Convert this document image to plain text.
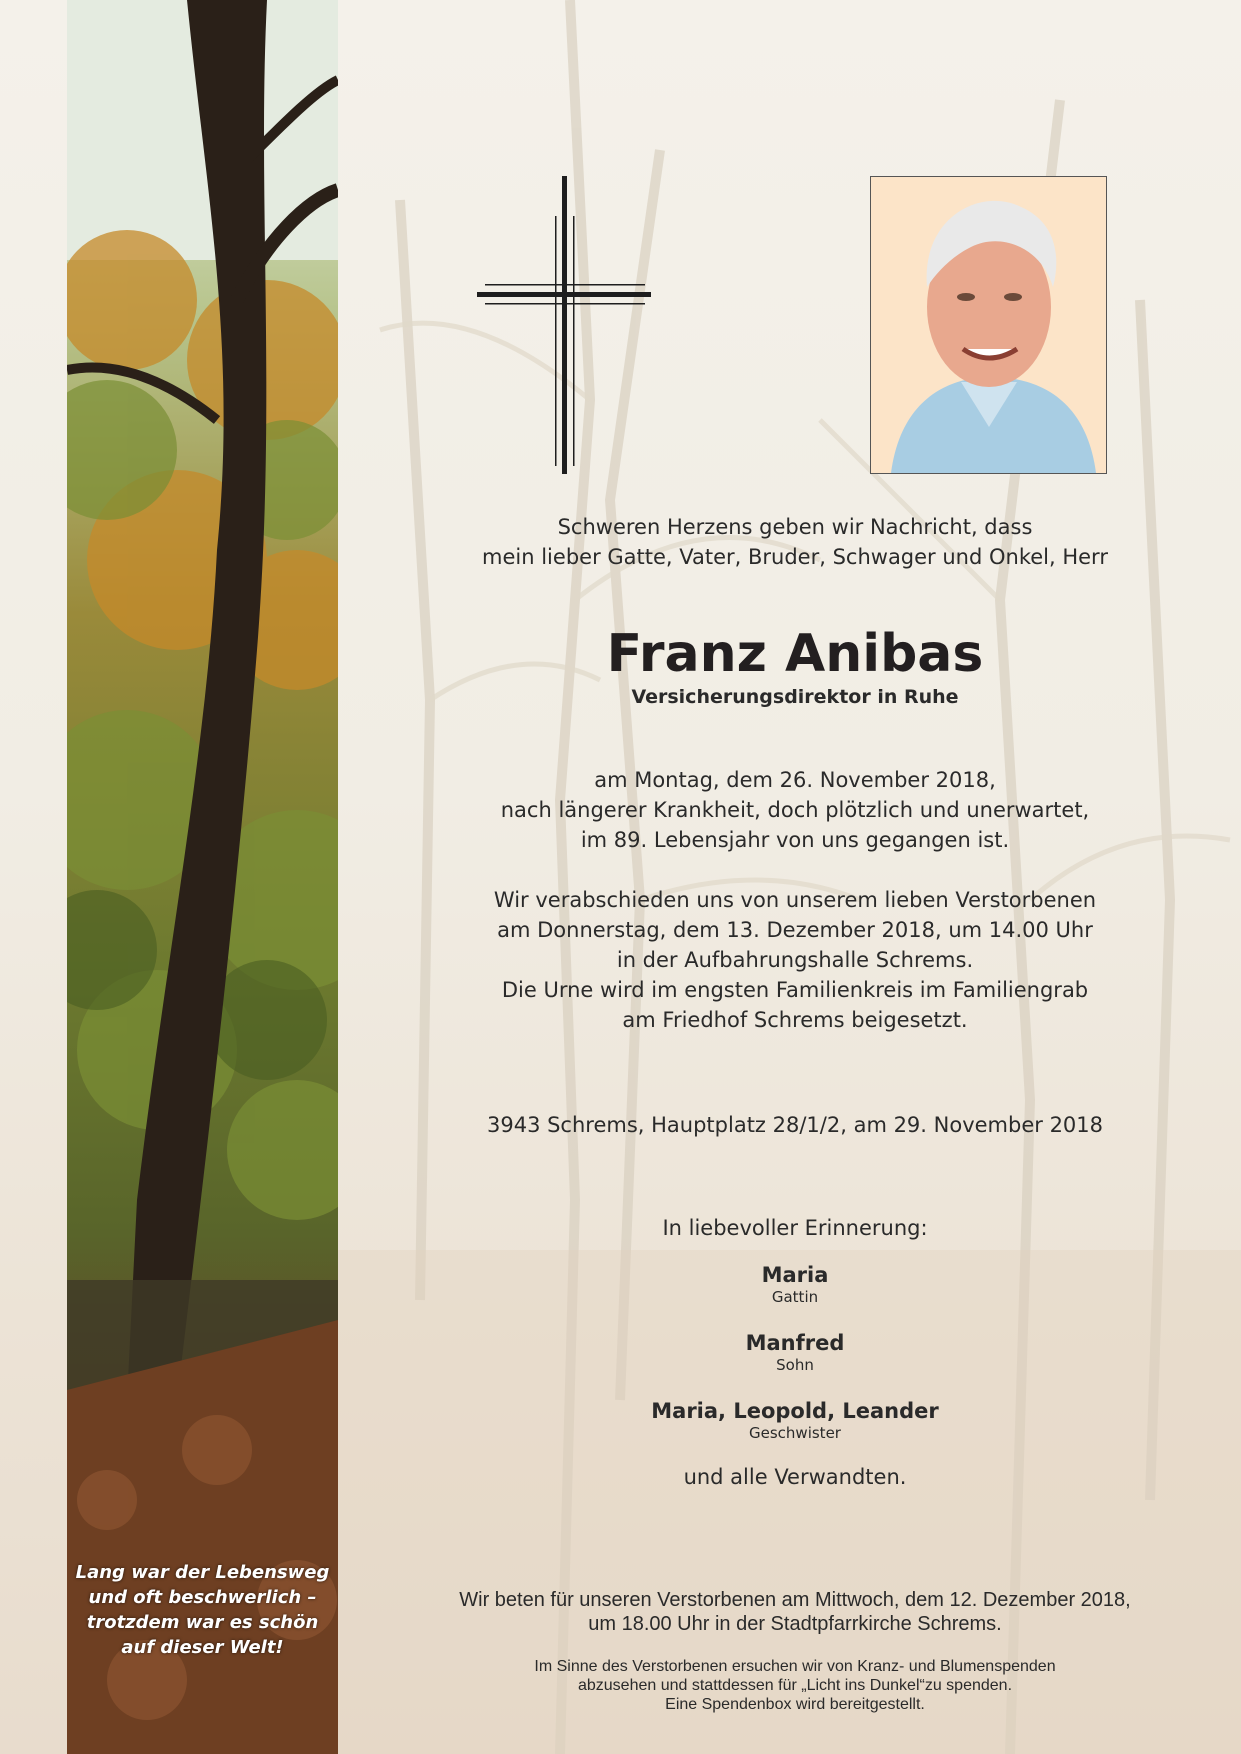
Lang war der Lebensweg
und oft beschwerlich –
trotzdem war es schön
auf dieser Welt!
Schweren Herzens geben wir Nachricht, dass
mein lieber Gatte, Vater, Bruder, Schwager und Onkel, Herr
Franz Anibas
Versicherungsdirektor in Ruhe
am Montag, dem 26. November 2018,
nach längerer Krankheit, doch plötzlich und unerwartet,
im 89. Lebensjahr von uns gegangen ist.
Wir verabschieden uns von unserem lieben Verstorbenen
am Donnerstag, dem 13. Dezember 2018, um 14.00 Uhr
in der Aufbahrungshalle Schrems.
Die Urne wird im engsten Familienkreis im Familiengrab
am Friedhof Schrems beigesetzt.
3943 Schrems, Hauptplatz 28/1/2, am 29. November 2018
In liebevoller Erinnerung:
Maria
Gattin
Manfred
Sohn
Maria, Leopold, Leander
Geschwister
und alle Verwandten.
Wir beten für unseren Verstorbenen am Mittwoch, dem 12. Dezember 2018,
um 18.00 Uhr in der Stadtpfarrkirche Schrems.
Im Sinne des Verstorbenen ersuchen wir von Kranz- und Blumenspenden
abzusehen und stattdessen für „Licht ins Dunkel“zu spenden.
Eine Spendenbox wird bereitgestellt.
